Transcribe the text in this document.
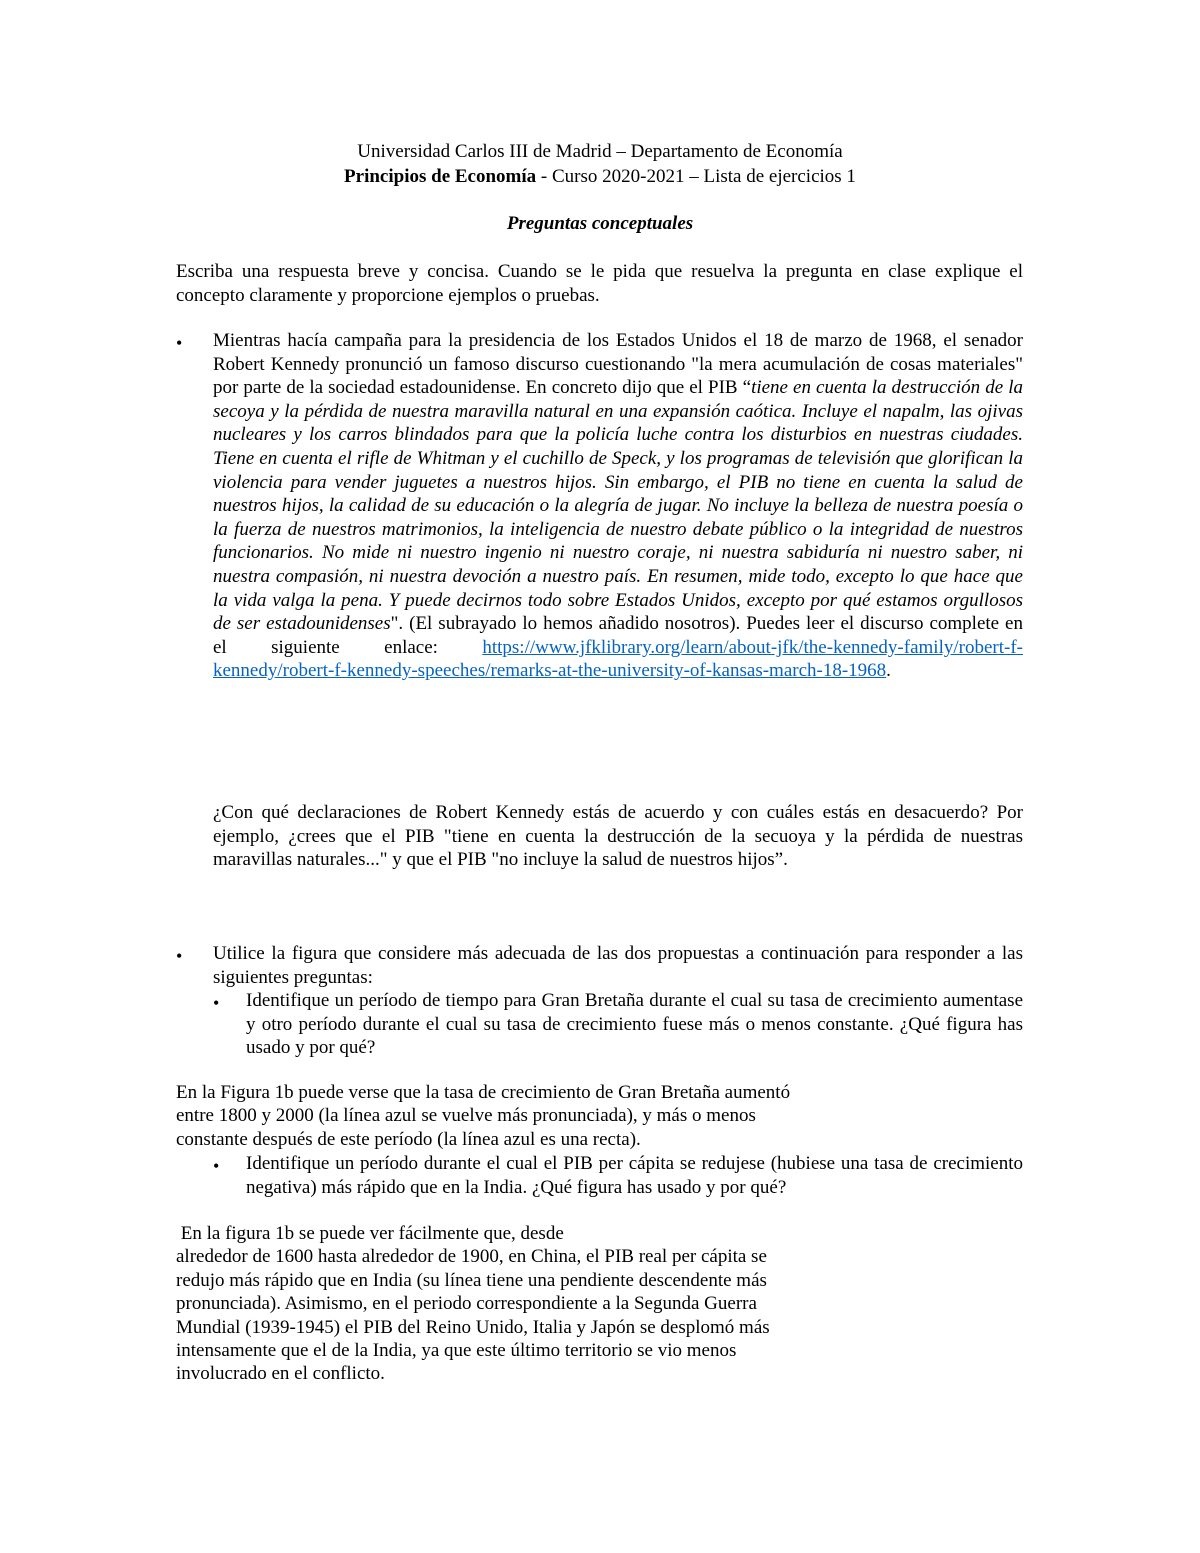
Universidad Carlos III de Madrid – Departamento de Economía
Principios de Economía - Curso 2020-2021 – Lista de ejercicios 1
Preguntas conceptuales
Escriba una respuesta breve y concisa. Cuando se le pida que resuelva la pregunta en clase explique el concepto claramente y proporcione ejemplos o pruebas.
• Mientras hacía campaña para la presidencia de los Estados Unidos el 18 de marzo de 1968, el senador Robert Kennedy pronunció un famoso discurso cuestionando "la mera acumulación de cosas materiales" por parte de la sociedad estadounidense. En concreto dijo que el PIB “tiene en cuenta la destrucción de la secoya y la pérdida de nuestra maravilla natural en una expansión caótica. Incluye el napalm, las ojivas nucleares y los carros blindados para que la policía luche contra los disturbios en nuestras ciudades. Tiene en cuenta el rifle de Whitman y el cuchillo de Speck, y los programas de televisión que glorifican la violencia para vender juguetes a nuestros hijos. Sin embargo, el PIB no tiene en cuenta la salud de nuestros hijos, la calidad de su educación o la alegría de jugar. No incluye la belleza de nuestra poesía o la fuerza de nuestros matrimonios, la inteligencia de nuestro debate público o la integridad de nuestros funcionarios. No mide ni nuestro ingenio ni nuestro coraje, ni nuestra sabiduría ni nuestro saber, ni nuestra compasión, ni nuestra devoción a nuestro país. En resumen, mide todo, excepto lo que hace que la vida valga la pena. Y puede decirnos todo sobre Estados Unidos, excepto por qué estamos orgullosos de ser estadounidenses". (El subrayado lo hemos añadido nosotros). Puedes leer el discurso complete en el siguiente enlace: https://www.jfklibrary.org/learn/about-jfk/the-kennedy-family/robert-f-kennedy/robert-f-kennedy-speeches/remarks-at-the-university-of-kansas-march-18-1968.
¿Con qué declaraciones de Robert Kennedy estás de acuerdo y con cuáles estás en desacuerdo? Por ejemplo, ¿crees que el PIB "tiene en cuenta la destrucción de la secuoya y la pérdida de nuestras maravillas naturales..." y que el PIB "no incluye la salud de nuestros hijos”.
• Utilice la figura que considere más adecuada de las dos propuestas a continuación para responder a las siguientes preguntas:
• Identifique un período de tiempo para Gran Bretaña durante el cual su tasa de crecimiento aumentase y otro período durante el cual su tasa de crecimiento fuese más o menos constante. ¿Qué figura has usado y por qué?
En la Figura 1b puede verse que la tasa de crecimiento de Gran Bretaña aumentó
entre 1800 y 2000 (la línea azul se vuelve más pronunciada), y más o menos
constante después de este período (la línea azul es una recta).
• Identifique un período durante el cual el PIB per cápita se redujese (hubiese una tasa de crecimiento negativa) más rápido que en la India. ¿Qué figura has usado y por qué?
En la figura 1b se puede ver fácilmente que, desde
alrededor de 1600 hasta alrededor de 1900, en China, el PIB real per cápita se
redujo más rápido que en India (su línea tiene una pendiente descendente más
pronunciada). Asimismo, en el periodo correspondiente a la Segunda Guerra
Mundial (1939-1945) el PIB del Reino Unido, Italia y Japón se desplomó más
intensamente que el de la India, ya que este último territorio se vio menos
involucrado en el conflicto.
